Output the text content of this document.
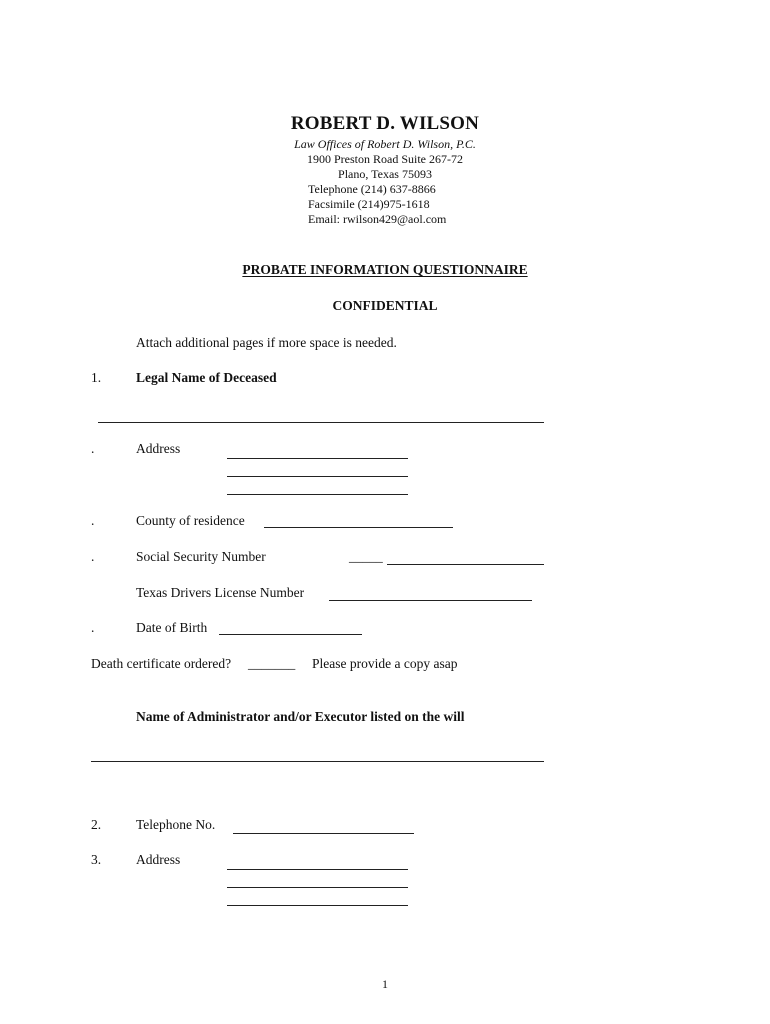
ROBERT D. WILSON
Law Offices of Robert D. Wilson, P.C.
1900 Preston Road Suite 267-72
Plano, Texas 75093
Telephone (214) 637-8866
Facsimile (214)975-1618
Email: rwilson429@aol.com
PROBATE INFORMATION QUESTIONNAIRE
CONFIDENTIAL
Attach additional pages if more space is needed.
1.	Legal Name of Deceased
.	Address
.	County of residence
.	Social Security Number	_____
Texas Drivers License Number
.	Date of Birth
Death certificate ordered? _______ Please provide a copy asap
Name of Administrator and/or Executor listed on the will
2.	Telephone No.
3.	Address
1
